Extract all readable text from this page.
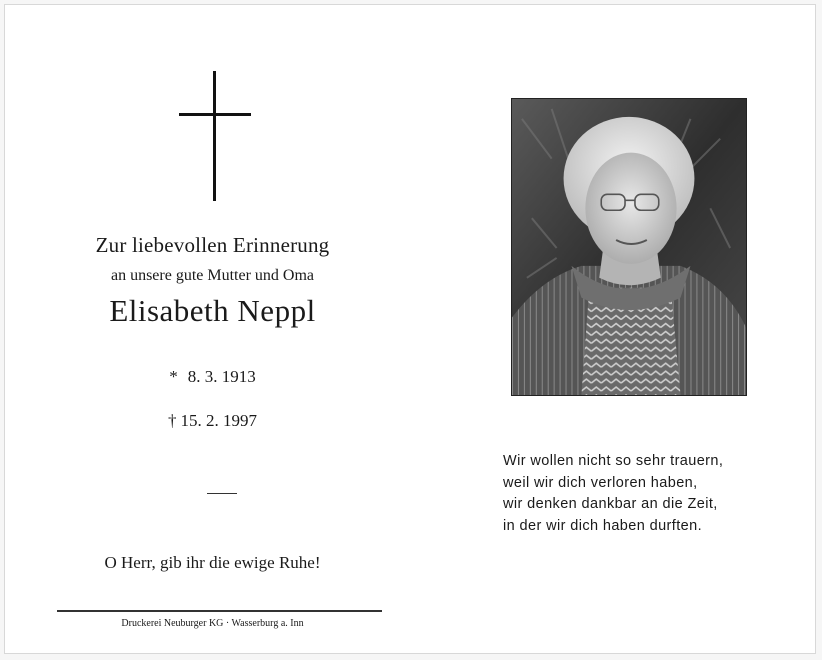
Zur liebevollen Erinnerung
an unsere gute Mutter und Oma
Elisabeth Neppl
* 8. 3. 1913
† 15. 2. 1997
O Herr, gib ihr die ewige Ruhe!
Druckerei Neuburger KG · Wasserburg a. Inn
Wir wollen nicht so sehr trauern,
weil wir dich verloren haben,
wir denken dankbar an die Zeit,
in der wir dich haben durften.
